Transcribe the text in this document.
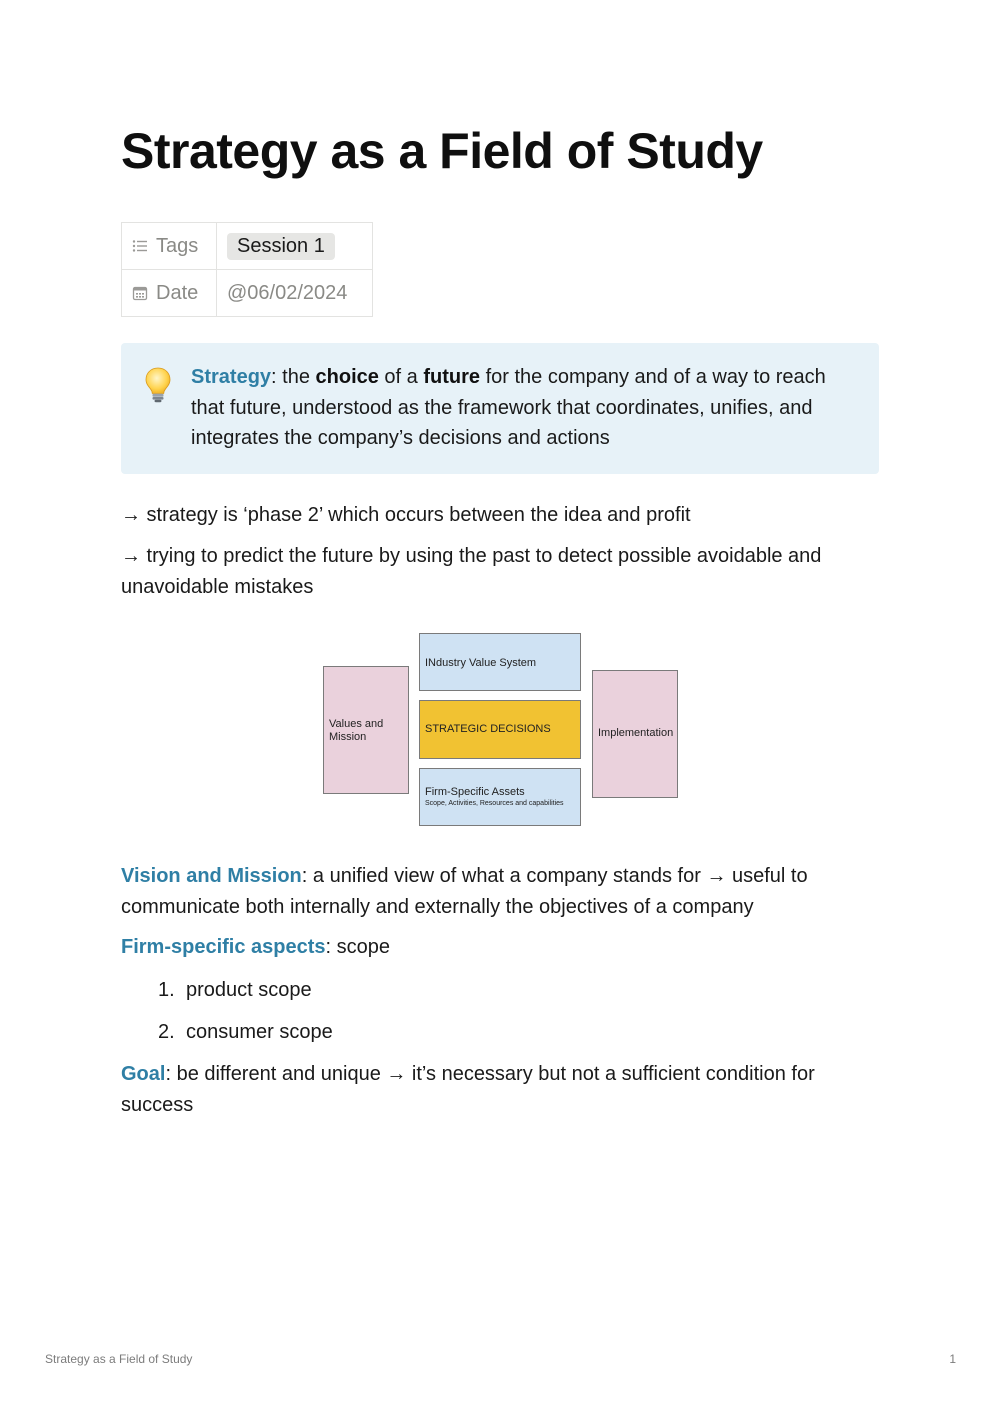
Strategy as a Field of Study
Tags	Session 1
Date	@06/02/2024
Strategy: the choice of a future for the company and of a way to reach that future, understood as the framework that coordinates, unifies, and integrates the company’s decisions and actions

→ strategy is ‘phase 2’ which occurs between the idea and profit

→ trying to predict the future by using the past to detect possible avoidable and unavoidable mistakes

Values and
Mission
INdustry Value System
STRATEGIC DECISIONS
Firm-Specific Assets
Scope, Activities, Resources and capabilities
Implementation

Vision and Mission: a unified view of what a company stands for → useful to communicate both internally and externally the objectives of a company

Firm-specific aspects: scope

1. product scope
2. consumer scope

Goal: be different and unique → it’s necessary but not a sufficient condition for success

Strategy as a Field of Study	1
